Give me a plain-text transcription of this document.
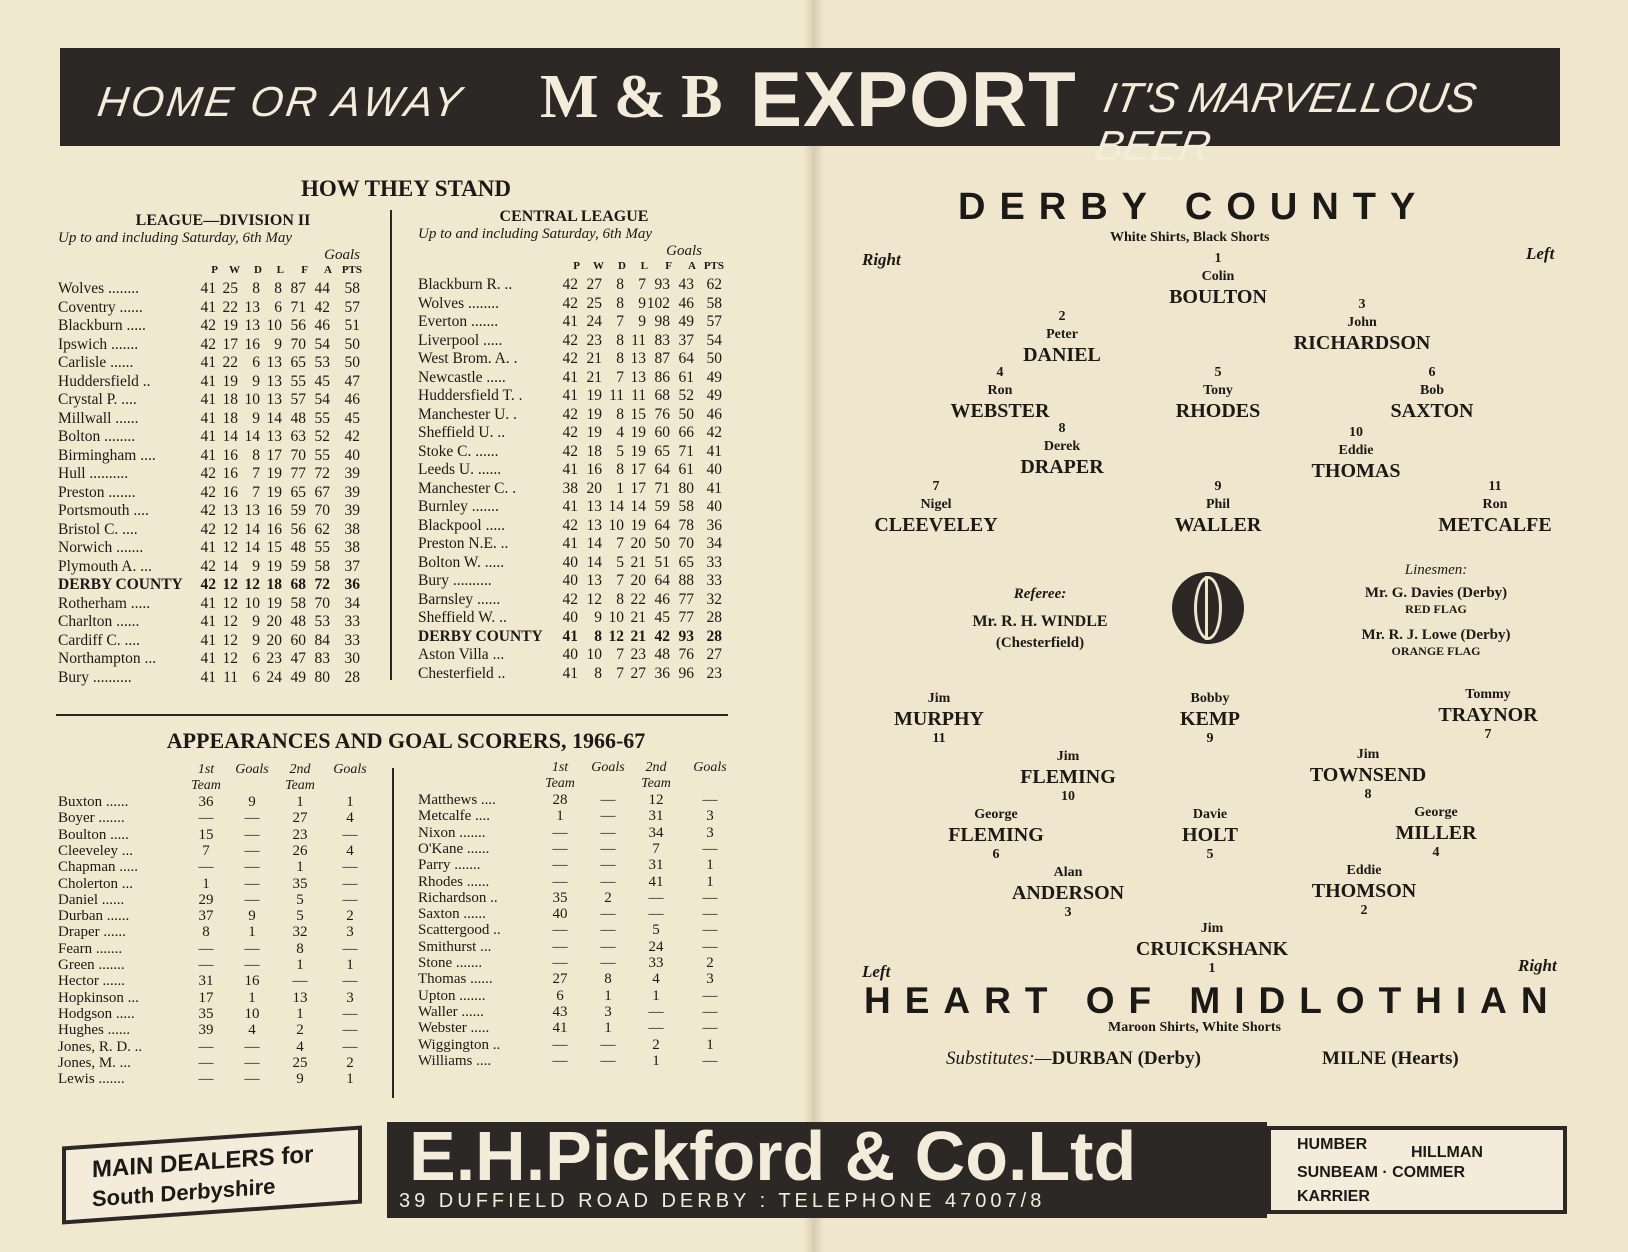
HOME OR AWAY M & B EXPORT IT'S MARVELLOUS BEER
HOW THEY STAND
LEAGUE—DIVISION II
Up to and including Saturday, 6th May
Goals
P	W	D	L	F	A PTS
Wolves ........	41 25 8 8 87 44 58
Coventry ......	41 22 13 6 71 42 57
Blackburn .....	42 19 13 10 56 46 51
Ipswich .......	42 17 16 9 70 54 50
Carlisle ......	41 22 6 13 65 53 50
Huddersfield ..	41 19 9 13 55 45 47
Crystal P. ....	41 18 10 13 57 54 46
Millwall ......	41 18 9 14 48 55 45
Bolton ........	41 14 14 13 63 52 42
Birmingham ....	41 16 8 17 70 55 40
Hull ..........	42 16 7 19 77 72 39
Preston .......	42 16 7 19 65 67 39
Portsmouth ....	42 13 13 16 59 70 39
Bristol C. ....	42 12 14 16 56 62 38
Norwich .......	41 12 14 15 48 55 38
Plymouth A. ...	42 14 9 19 59 58 37
DERBY COUNTY	42 12 12 18 68 72 36
Rotherham .....	41 12 10 19 58 70 34
Charlton ......	41 12 9 20 48 53 33
Cardiff C. ....	41 12 9 20 60 84 33
Northampton ...	41 12 6 23 47 83 30
Bury ..........	41 11 6 24 49 80 28
CENTRAL LEAGUE
Up to and including Saturday, 6th May
Goals
P	W	D	L	F	A PTS
Blackburn R. ..	42 27 8 7 93 43 62
Wolves ........	42 25 8 9 102 46 58
Everton .......	41 24 7 9 98 49 57
Liverpool .....	42 23 8 11 83 37 54
West Brom. A. .	42 21 8 13 87 64 50
Newcastle .....	41 21 7 13 86 61 49
Huddersfield T. .	41 19 11 11 68 52 49
Manchester U. .	42 19 8 15 76 50 46
Sheffield U. ..	42 19 4 19 60 66 42
Stoke C. ......	42 18 5 19 65 71 41
Leeds U. ......	41 16 8 17 64 61 40
Manchester C. .	38 20 1 17 71 80 41
Burnley .......	41 13 14 14 59 58 40
Blackpool .....	42 13 10 19 64 78 36
Preston N.E. ..	41 14 7 20 50 70 34
Bolton W. .....	40 14 5 21 51 65 33
Bury ..........	40 13 7 20 64 88 33
Barnsley ......	42 12 8 22 46 77 32
Sheffield W. ..	40	9 10 21 45 77 28
DERBY COUNTY	41	8 12 21 42 93 28
Aston Villa ...	40 10 7 23 48 76 27
Chesterfield ..	41	8 7 27 36 96 23
APPEARANCES AND GOAL SCORERS, 1966-67
1st Team
Goals	2nd Team
Goals
Buxton ......	36	9	1	1
Boyer .......	—	—	27	4
Boulton .....	15	—	23	—
Cleeveley ...	7	—	26	4
Chapman .....	—	—	1	—
Cholerton ...	1	—	35	—
Daniel ......	29	—	5	—
Durban ......	37	9	5	2
Draper ......	8	1	32	3
Fearn .......	—	—	8	—
Green .......	—	—	1	1
Hector ......	31	16	—	—
Hopkinson ...	17	1	13	3
Hodgson .....	35	10	1	—
Hughes ......	39	4	2	—
Jones, R. D. ..	—	—	4	—
Jones, M. ...	—	—	25	2
Lewis .......	—	—	9	1
1st Team
Goals	2nd Team
Goals
Matthews ....	28	—	12	—
Metcalfe ....	1	—	31	3
Nixon .......	—	—	34	3
O'Kane ......	—	—	7	—
Parry .......	—	—	31	1
Rhodes ......	—	—	41	1
Richardson ..	35	2	—	—
Saxton ......	40	—	—	—
Scattergood ..	—	—	5	—
Smithurst ...	—	—	24	—
Stone .......	—	—	33	2
Thomas ......	27	8	4	3
Upton .......	6	1	1	—
Waller ......	43	3	—	—
Webster .....	41	1	—	—
Wiggington ..	—	—	2	1
Williams ....	—	—	1	—
DERBY COUNTY
White Shirts, Black Shorts
Right	Left
1
Colin
BOULTON
2
Peter
DANIEL
3
John
RICHARDSON
4
Ron
WEBSTER
5
Tony
RHODES
6
Bob
SAXTON
8
Derek
DRAPER
10
Eddie
THOMAS
7
Nigel
CLEEVELEY
9
Phil
WALLER
11
Ron
METCALFE
Referee:
Mr. R. H. WINDLE
(Chesterfield)
Linesmen:
Mr. G. Davies (Derby)
RED FLAG
Mr. R. J. Lowe (Derby)
ORANGE FLAG
Jim
MURPHY
11
Bobby
KEMP
9
Tommy
TRAYNOR
7
Jim
FLEMING
10
Jim
TOWNSEND
8
George
FLEMING
6
Davie
HOLT
5
George
MILLER
4
Alan
ANDERSON
3
Eddie
THOMSON
2
Jim
CRUICKSHANK
1
Left	Right
HEART OF MIDLOTHIAN
Maroon Shirts, White Shorts
Substitutes:—DURBAN (Derby)	MILNE (Hearts)
MAIN DEALERS for
South Derbyshire	E.H.Pickford & Co.Ltd
39 DUFFIELD ROAD DERBY : TELEPHONE 47007/8
HUMBER	HILLMAN
SUNBEAM · COMMER
KARRIER
